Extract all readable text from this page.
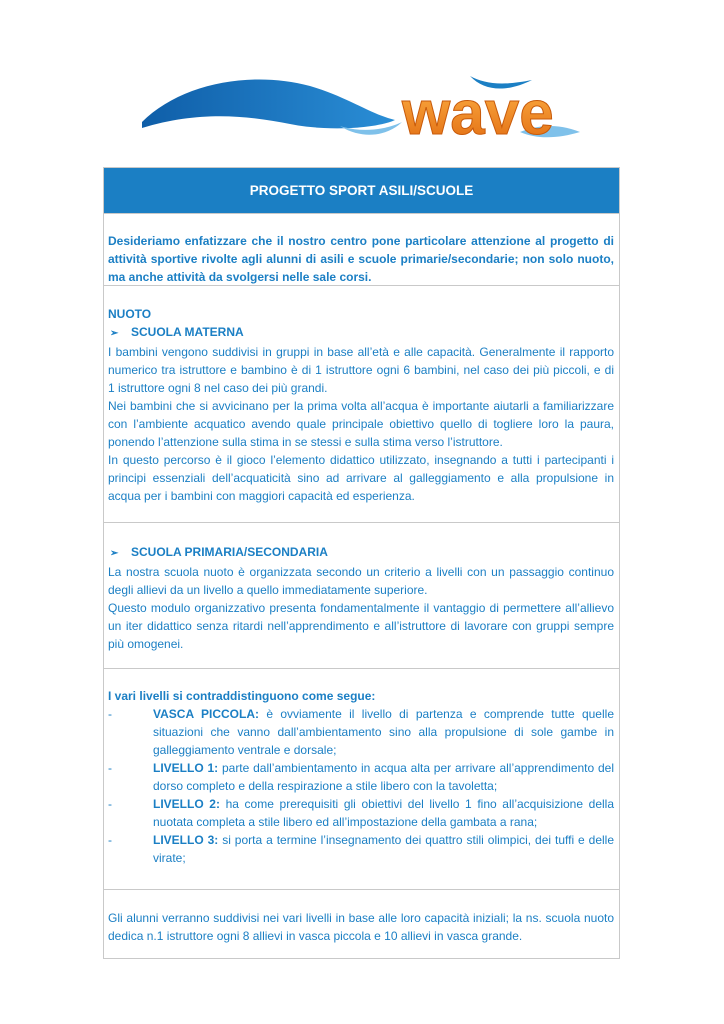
wave
PROGETTO SPORT ASILI/SCUOLE

Desideriamo enfatizzare che il nostro centro pone particolare attenzione al progetto di

attività sportive rivolte agli alunni di asili e scuole primarie/secondarie; non solo nuoto,

ma anche attività da svolgersi nelle sale corsi.

NUOTO

➢	SCUOLA MATERNA

I bambini vengono suddivisi in gruppi in base all’età e alle capacità. Generalmente il rapporto

numerico tra istruttore e bambino è di 1 istruttore ogni 6 bambini, nel caso dei più piccoli, e di

1 istruttore ogni 8 nel caso dei più grandi.

Nei bambini che si avvicinano per la prima volta all’acqua è importante aiutarli a familiarizzare

con l’ambiente acquatico avendo quale principale obiettivo quello di togliere loro la paura,

ponendo l’attenzione sulla stima in se stessi e sulla stima verso l’istruttore.

In questo percorso è il gioco l’elemento didattico utilizzato, insegnando a tutti i partecipanti i

principi essenziali dell’acquaticità sino ad arrivare al galleggiamento e alla propulsione in

acqua per i bambini con maggiori capacità ed esperienza.

➢	SCUOLA PRIMARIA/SECONDARIA

La nostra scuola nuoto è organizzata secondo un criterio a livelli con un passaggio continuo

degli allievi da un livello a quello immediatamente superiore.

Questo modulo organizzativo presenta fondamentalmente il vantaggio di permettere all’allievo

un iter didattico senza ritardi nell’apprendimento e all’istruttore di lavorare con gruppi sempre

più omogenei.

I vari livelli si contraddistinguono come segue:

-	VASCA PICCOLA: è ovviamente il livello di partenza e comprende tutte quelle situazioni che vanno dall’ambientamento sino alla propulsione di sole gambe in galleggiamento ventrale e dorsale;
-	LIVELLO 1: parte dall’ambientamento in acqua alta per arrivare all’apprendimento del dorso completo e della respirazione a stile libero con la tavoletta;
-	LIVELLO 2: ha come prerequisiti gli obiettivi del livello 1 fino all’acquisizione della nuotata completa a stile libero ed all’impostazione della gambata a rana;
-	LIVELLO 3: si porta a termine l’insegnamento dei quattro stili olimpici, dei tuffi e delle virate;

Gli alunni verranno suddivisi nei vari livelli in base alle loro capacità iniziali; la ns. scuola nuoto

dedica n.1 istruttore ogni 8 allievi in vasca piccola e 10 allievi in vasca grande.
